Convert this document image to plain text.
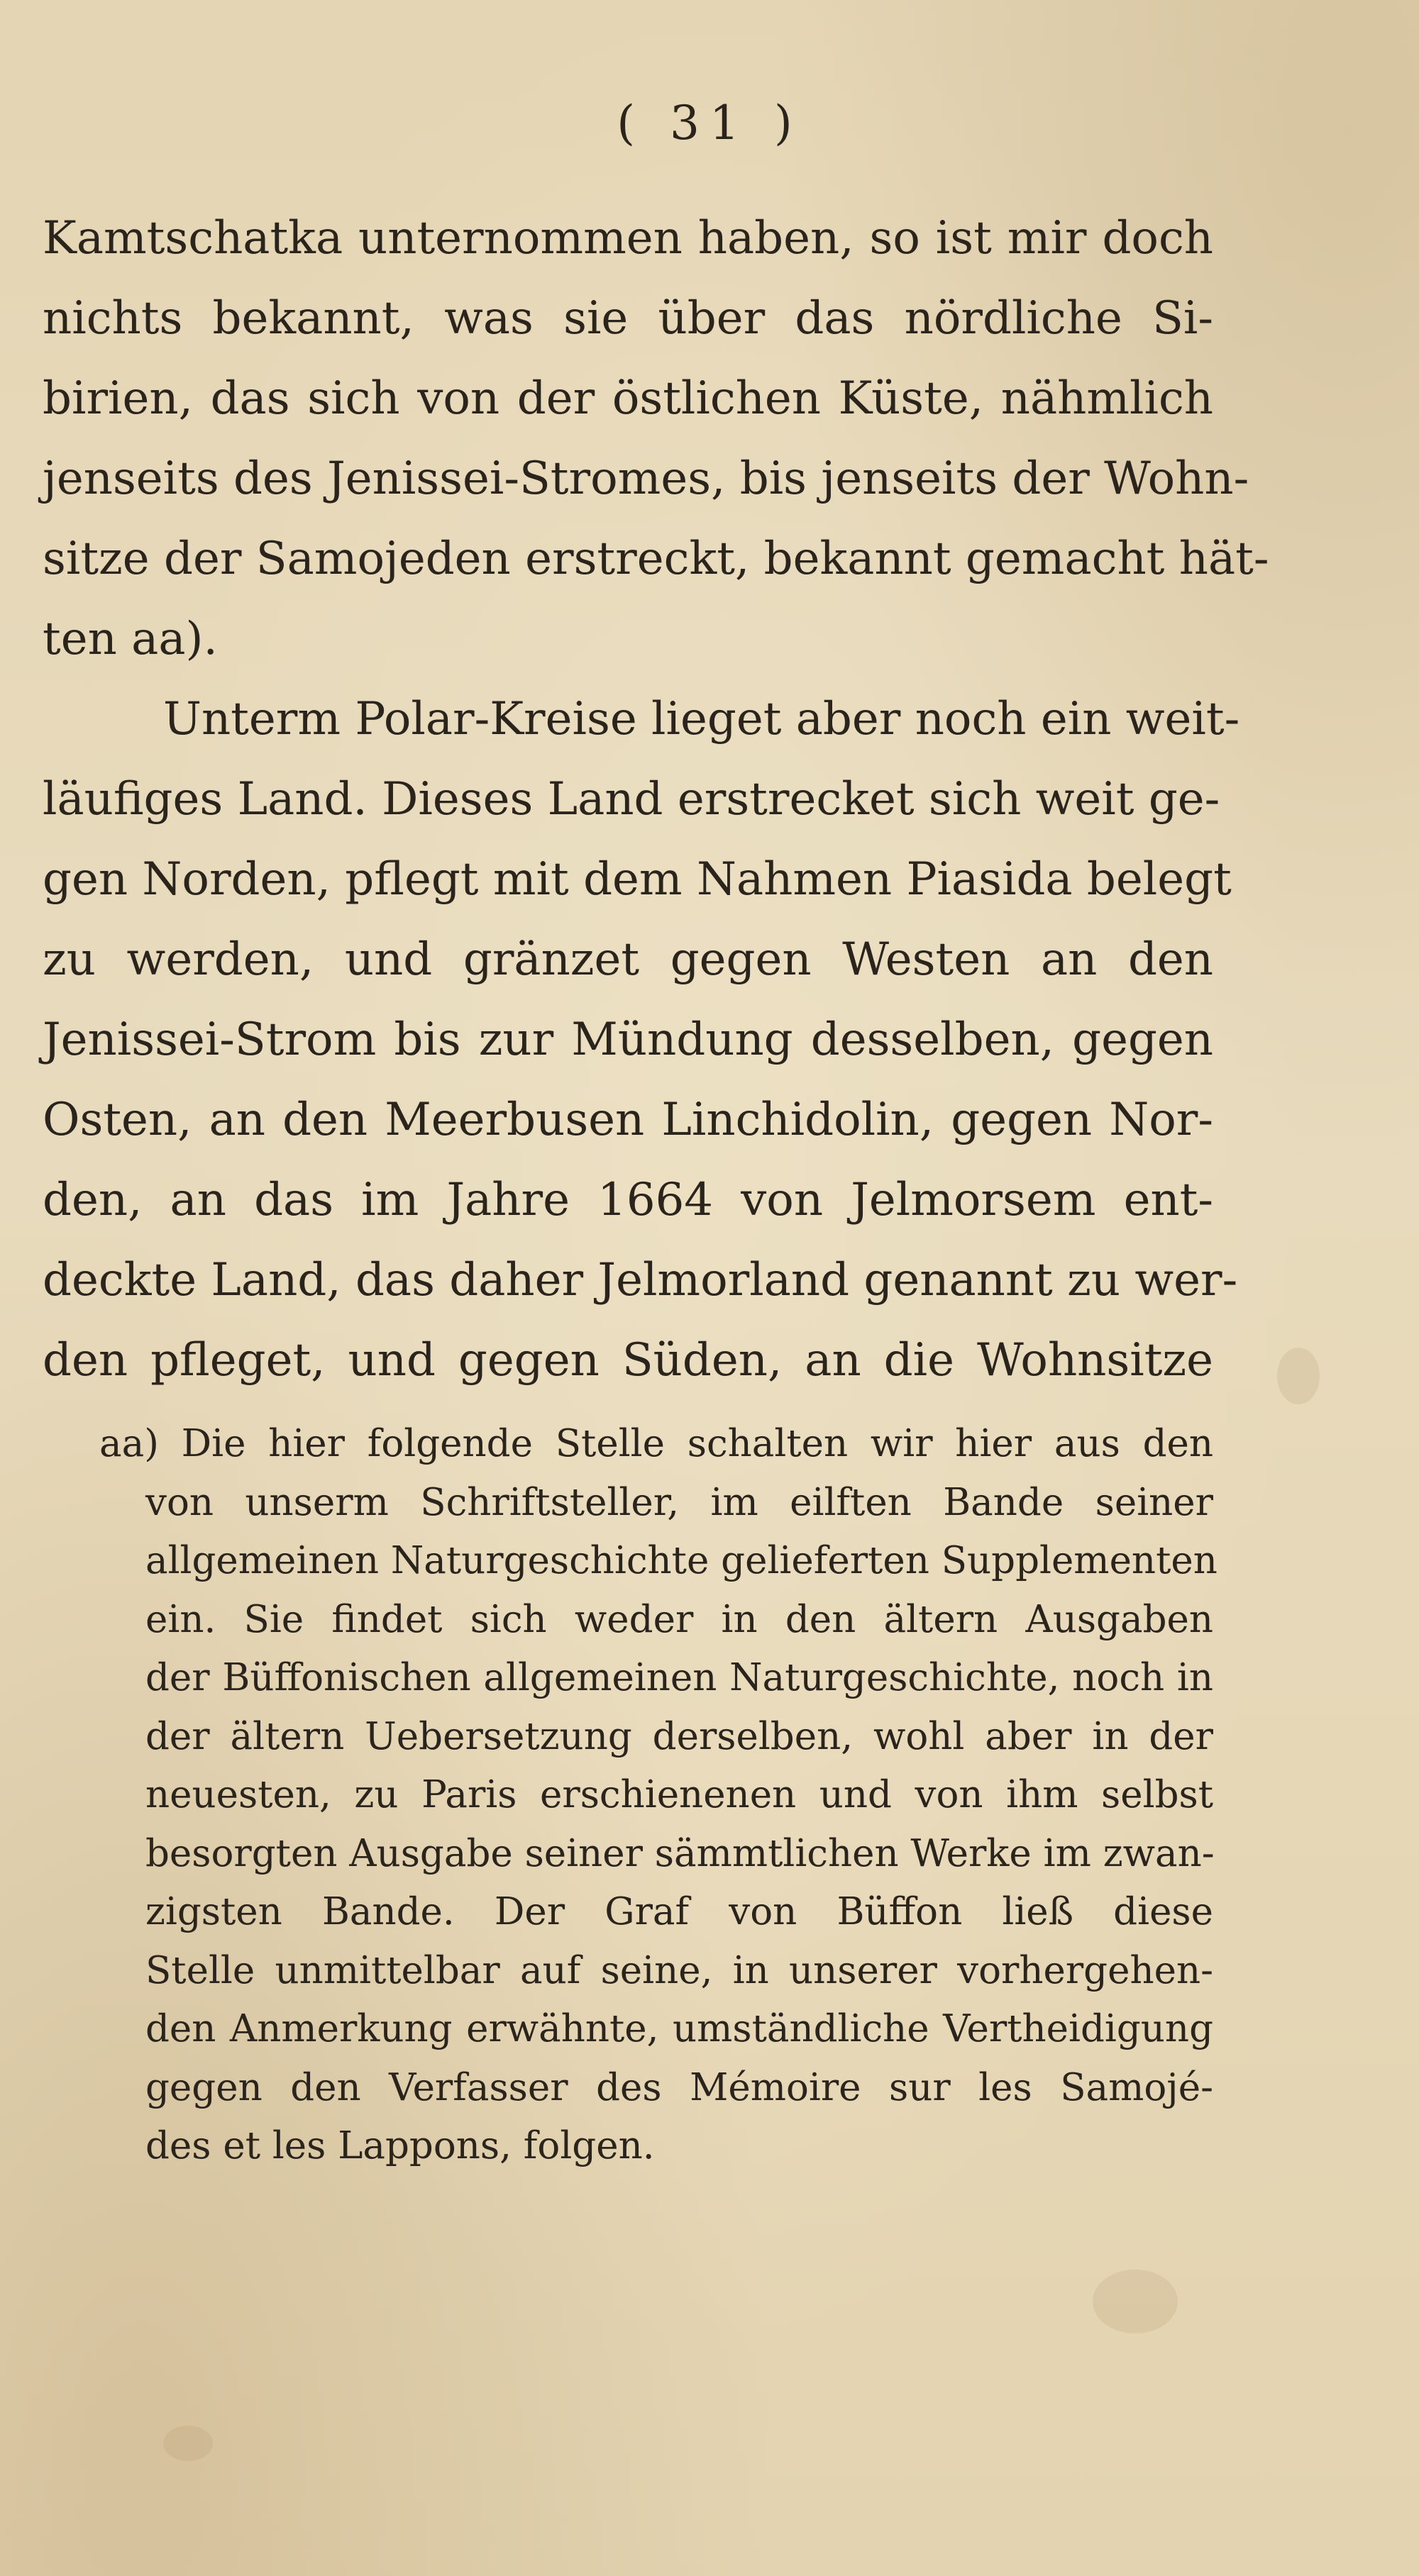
( 31 )
Kamtschatka unternommen haben, so ist mir doch
nichts bekannt, was sie über das nördliche Si-
birien, das sich von der östlichen Küste, nähmlich
jenseits des Jenissei-Stromes, bis jenseits der Wohn-
sitze der Samojeden erstreckt, bekannt gemacht hät-
ten aa).
Unterm Polar-Kreise lieget aber noch ein weit-
läufiges Land. Dieses Land erstrecket sich weit ge-
gen Norden, pflegt mit dem Nahmen Piasida belegt
zu werden, und gränzet gegen Westen an den
Jenissei-Strom bis zur Mündung desselben, gegen
Osten, an den Meerbusen Linchidolin, gegen Nor-
den, an das im Jahre 1664 von Jelmorsem ent-
deckte Land, das daher Jelmorland genannt zu wer-
den pfleget, und gegen Süden, an die Wohnsitze
aa) Die hier folgende Stelle schalten wir hier aus den
von unserm Schriftsteller, im eilften Bande seiner
allgemeinen Naturgeschichte gelieferten Supplementen
ein. Sie findet sich weder in den ältern Ausgaben
der Büffonischen allgemeinen Naturgeschichte, noch in
der ältern Uebersetzung derselben, wohl aber in der
neuesten, zu Paris erschienenen und von ihm selbst
besorgten Ausgabe seiner sämmtlichen Werke im zwan-
zigsten Bande. Der Graf von Büffon ließ diese
Stelle unmittelbar auf seine, in unserer vorhergehen-
den Anmerkung erwähnte, umständliche Vertheidigung
gegen den Verfasser des Mémoire sur les Samojé-
des et les Lappons, folgen.
